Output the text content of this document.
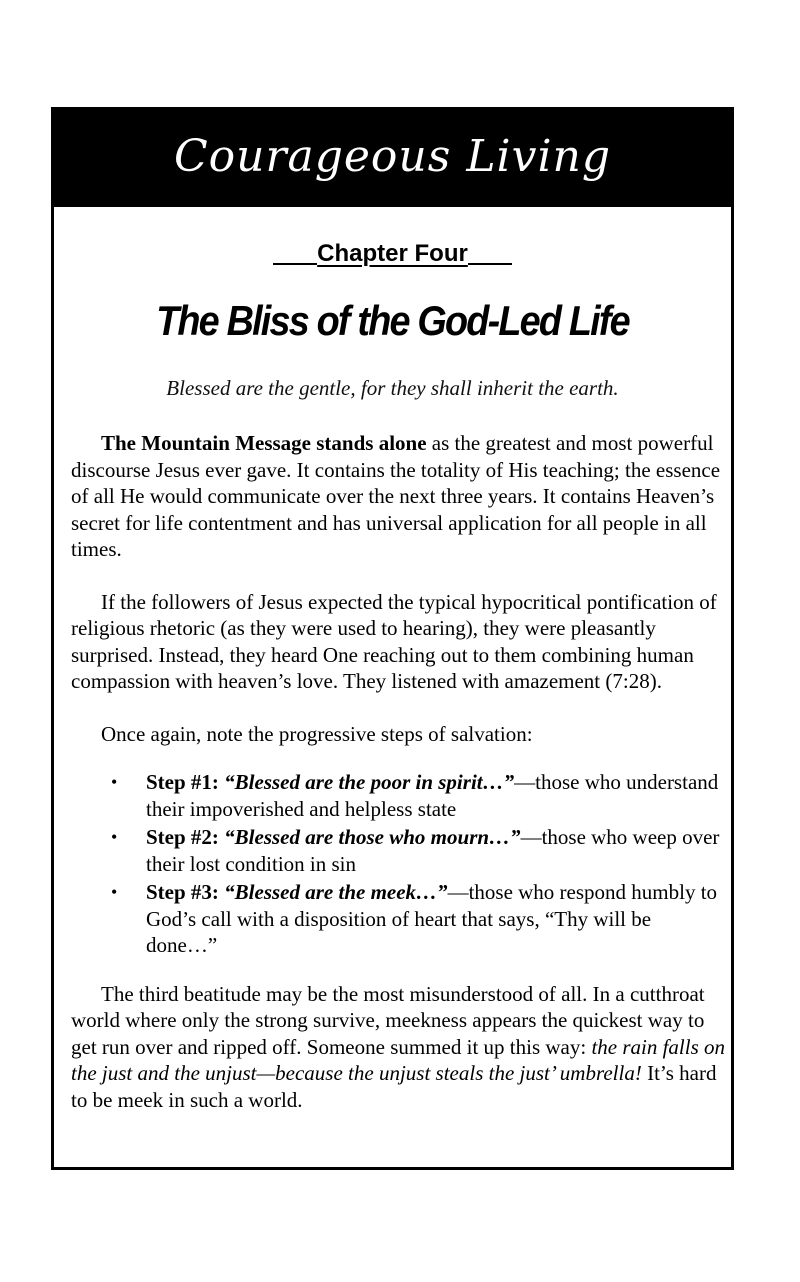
Courageous Living
Chapter Four
The Bliss of the God-Led Life
Blessed are the gentle, for they shall inherit the earth.

The Mountain Message stands alone as the greatest and most powerful discourse Jesus ever gave. It contains the totality of His teaching; the essence of all He would communicate over the next three years. It contains Heaven’s secret for life contentment and has universal application for all people in all times.

If the followers of Jesus expected the typical hypocritical pontification of religious rhetoric (as they were used to hearing), they were pleasantly surprised. Instead, they heard One reaching out to them combining human compassion with heaven’s love. They listened with amazement (7:28).

Once again, note the progressive steps of salvation:

• Step #1: “Blessed are the poor in spirit…”—those who understand their impoverished and helpless state
• Step #2: “Blessed are those who mourn…”—those who weep over their lost condition in sin
• Step #3: “Blessed are the meek…”—those who respond humbly to God’s call with a disposition of heart that says, “Thy will be done…”

The third beatitude may be the most misunderstood of all. In a cutthroat world where only the strong survive, meekness appears the quickest way to get run over and ripped off. Someone summed it up this way: the rain falls on the just and the unjust—because the unjust steals the just’ umbrella! It’s hard to be meek in such a world.
